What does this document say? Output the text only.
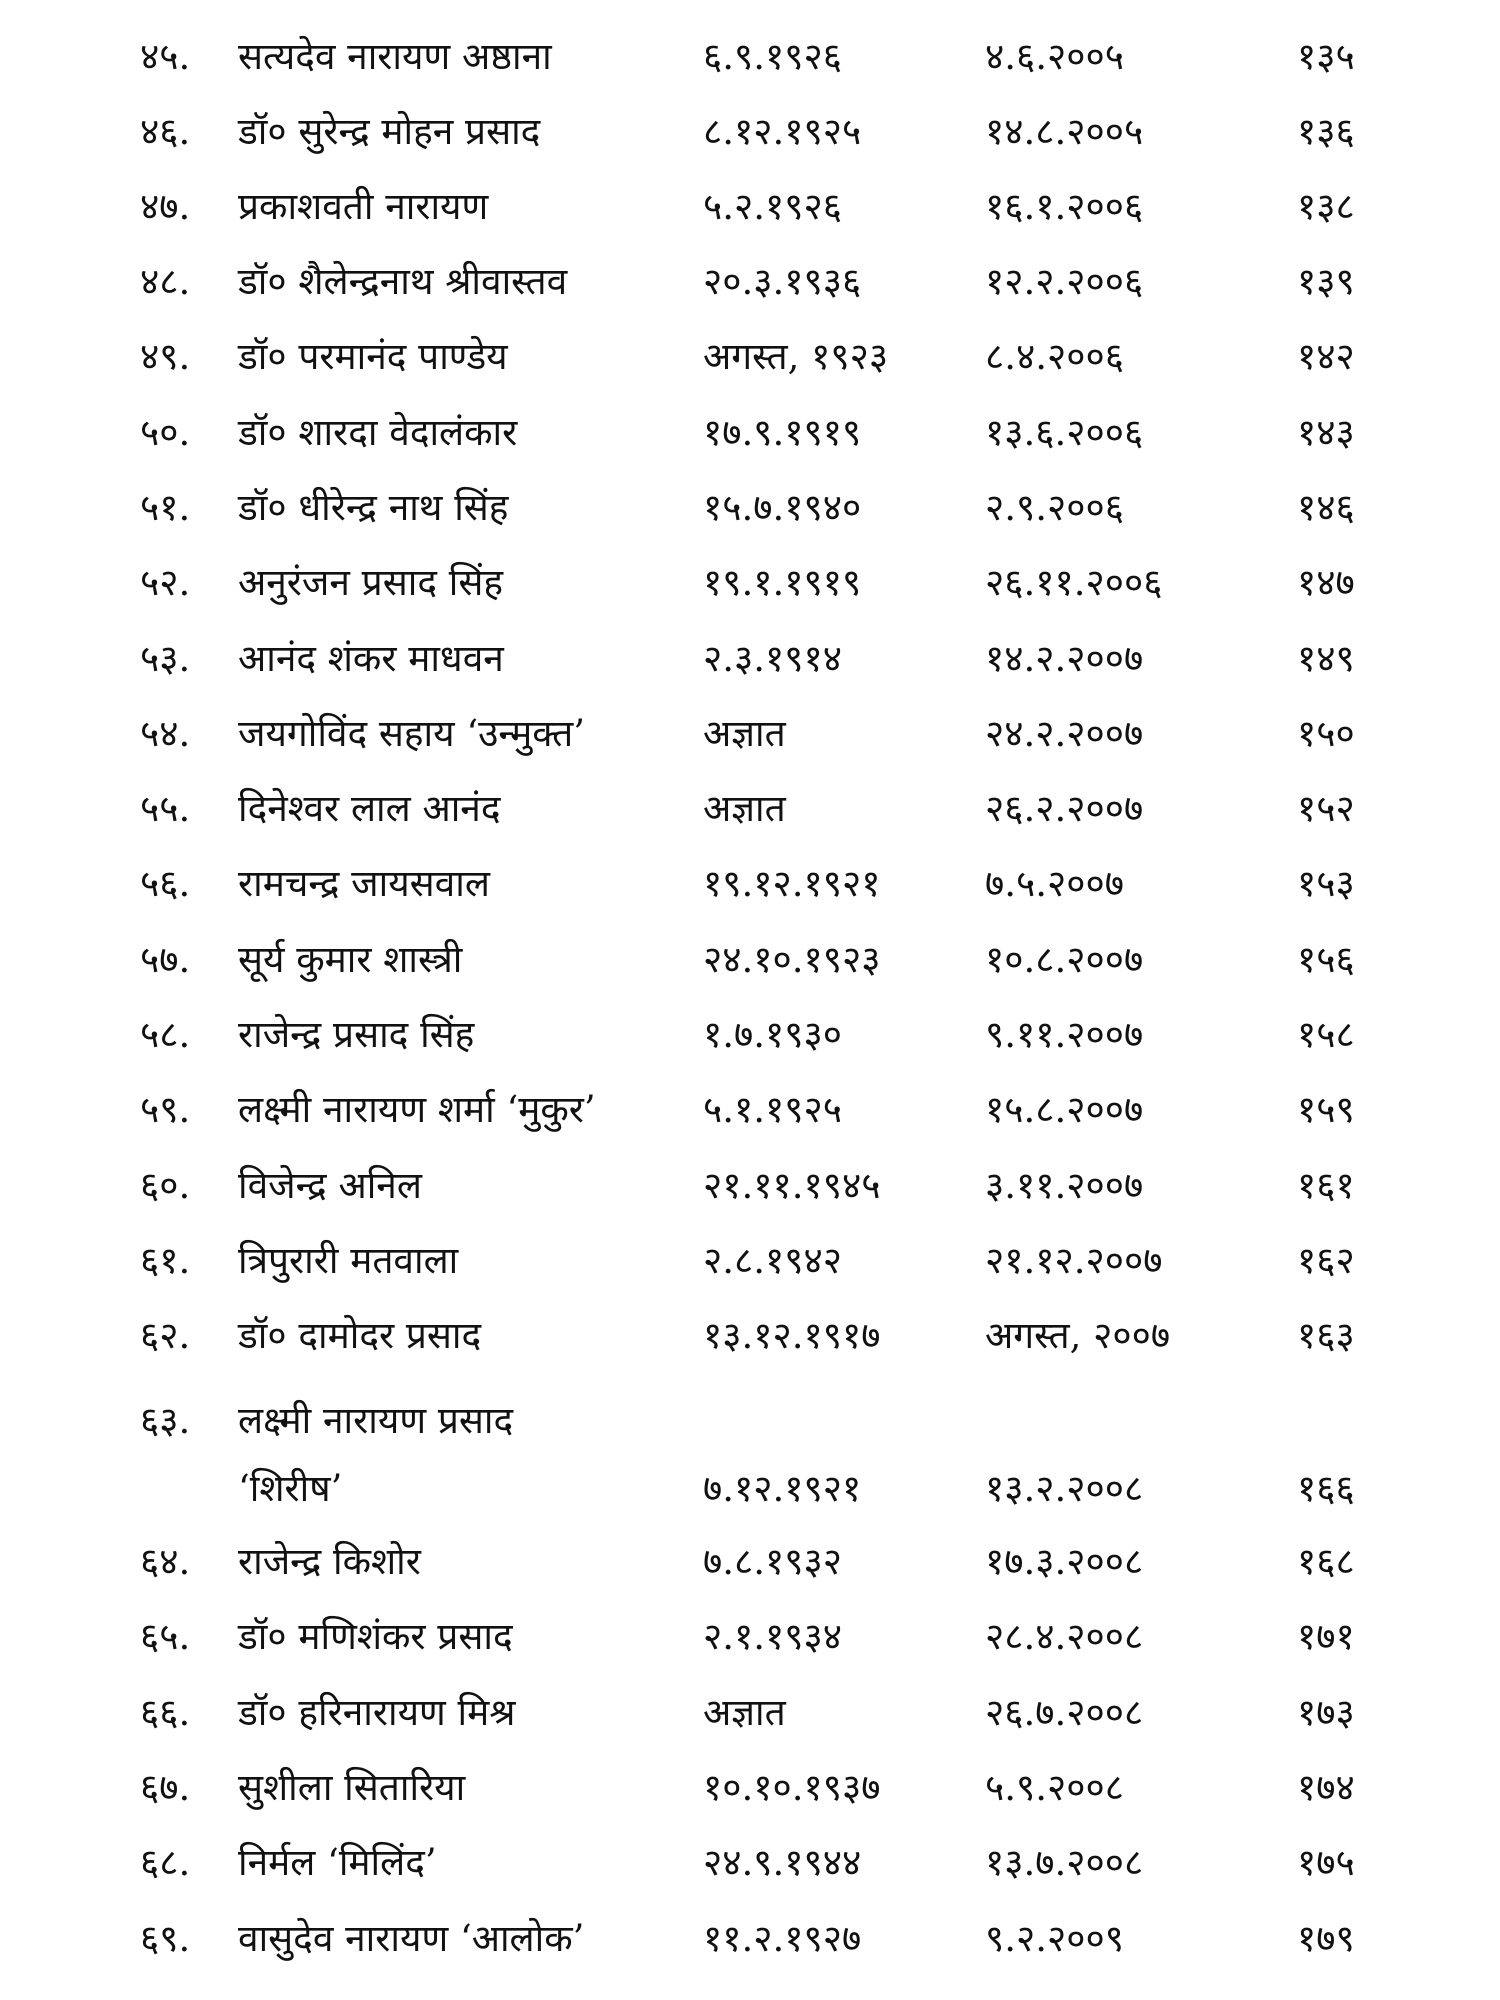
४५. सत्यदेव नारायण अष्ठाना	६.९.१९२६	४.६.२००५	१३५
४६. डॉ० सुरेन्द्र मोहन प्रसाद	८.१२.१९२५	१४.८.२००५	१३६
४७. प्रकाशवती नारायण	५.२.१९२६	१६.१.२००६	१३८
४८. डॉ० शैलेन्द्रनाथ श्रीवास्तव	२०.३.१९३६	१२.२.२००६	१३९
४९. डॉ० परमानंद पाण्डेय	अगस्त, १९२३	८.४.२००६	१४२
५०. डॉ० शारदा वेदालंकार	१७.९.१९१९	१३.६.२००६	१४३
५१. डॉ० धीरेन्द्र नाथ सिंह	१५.७.१९४०	२.९.२००६	१४६
५२. अनुरंजन प्रसाद सिंह	१९.१.१९१९	२६.११.२००६	१४७
५३. आनंद शंकर माधवन	२.३.१९१४	१४.२.२००७	१४९
५४. जयगोविंद सहाय ‘उन्मुक्त’	अज्ञात	२४.२.२००७	१५०
५५. दिनेश्वर लाल आनंद	अज्ञात	२६.२.२००७	१५२
५६. रामचन्द्र जायसवाल	१९.१२.१९२१	७.५.२००७	१५३
५७. सूर्य कुमार शास्त्री	२४.१०.१९२३	१०.८.२००७	१५६
५८. राजेन्द्र प्रसाद सिंह	१.७.१९३०	९.११.२००७	१५८
५९. लक्ष्मी नारायण शर्मा ‘मुकुर’	५.१.१९२५	१५.८.२००७	१५९
६०. विजेन्द्र अनिल	२१.११.१९४५	३.११.२००७	१६१
६१. त्रिपुरारी मतवाला	२.८.१९४२	२१.१२.२००७	१६२
६२. डॉ० दामोदर प्रसाद	१३.१२.१९१७	अगस्त, २००७	१६३
६३. लक्ष्मी नारायण प्रसाद
‘शिरीष’	७.१२.१९२१	१३.२.२००८	१६६
६४. राजेन्द्र किशोर	७.८.१९३२	१७.३.२००८	१६८
६५. डॉ० मणिशंकर प्रसाद	२.१.१९३४	२८.४.२००८	१७१
६६. डॉ० हरिनारायण मिश्र	अज्ञात	२६.७.२००८	१७३
६७. सुशीला सितारिया	१०.१०.१९३७	५.९.२००८	१७४
६८. निर्मल ‘मिलिंद’	२४.९.१९४४	१३.७.२००८	१७५
६९. वासुदेव नारायण ‘आलोक’	११.२.१९२७	९.२.२००९	१७९
